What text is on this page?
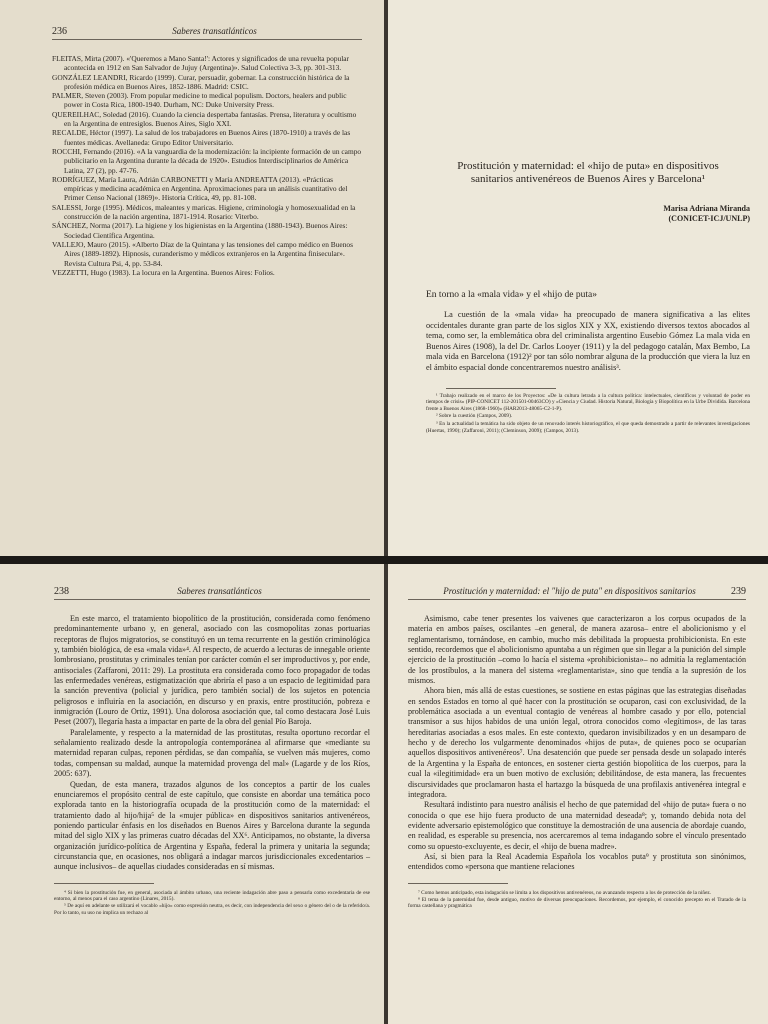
236	Saberes transatlánticos

FLEITAS, Mirta (2007). «'Queremos a Mano Santa!': Actores y significados de una revuelta popular acontecida en 1912 en San Salvador de Jujuy (Argentina)». Salud Colectiva 3-3, pp. 301-313.

GONZÁLEZ LEANDRI, Ricardo (1999). Curar, persuadir, gobernar. La construcción histórica de la profesión médica en Buenos Aires, 1852-1886. Madrid: CSIC.

PALMER, Steven (2003). From popular medicine to medical populism. Doctors, healers and public power in Costa Rica, 1800-1940. Durham, NC: Duke University Press.

QUEREILHAC, Soledad (2016). Cuando la ciencia despertaba fantasías. Prensa, literatura y ocultismo en la Argentina de entresiglos. Buenos Aires, Siglo XXI.

RECALDE, Héctor (1997). La salud de los trabajadores en Buenos Aires (1870-1910) a través de las fuentes médicas. Avellaneda: Grupo Editor Universitario.

ROCCHI, Fernando (2016). «A la vanguardia de la modernización: la incipiente formación de un campo publicitario en la Argentina durante la década de 1920». Estudios Interdisciplinarios de América Latina, 27 (2), pp. 47-76.

RODRÍGUEZ, María Laura, Adrián CARBONETTI y María ANDREATTA (2013). «Prácticas empíricas y medicina académica en Argentina. Aproximaciones para un análisis cuantitativo del Primer Censo Nacional (1869)». Historia Crítica, 49, pp. 81-108.

SALESSI, Jorge (1995). Médicos, maleantes y maricas. Higiene, criminología y homosexualidad en la construcción de la nación argentina, 1871-1914. Rosario: Viterbo.

SÁNCHEZ, Norma (2017). La higiene y los higienistas en la Argentina (1880-1943). Buenos Aires: Sociedad Científica Argentina.

VALLEJO, Mauro (2015). «Alberto Díaz de la Quintana y las tensiones del campo médico en Buenos Aires (1889-1892). Hipnosis, curanderismo y médicos extranjeros en la Argentina finisecular». Revista Cultura Psi, 4, pp. 53-84.

VEZZETTI, Hugo (1983). La locura en la Argentina. Buenos Aires: Folios.

Prostitución y maternidad: el «hijo de puta» en dispositivos sanitarios antivenéreos de Buenos Aires y Barcelona¹
Marisa Adriana Miranda
(CONICET-ICJ/UNLP)
En torno a la «mala vida» y el «hijo de puta»

La cuestión de la «mala vida» ha preocupado de manera significativa a las elites occidentales durante gran parte de los siglos XIX y XX, existiendo diversos textos abocados al tema, como ser, la emblemática obra del criminalista argentino Eusebio Gómez La mala vida en Buenos Aires (1908), la del Dr. Carlos Looyer (1911) y la del pedagogo catalán, Max Bembo, La mala vida en Barcelona (1912)² por tan sólo nombrar alguna de la producción que viera la luz en el ámbito espacial donde concentraremos nuestro análisis³.

¹ Trabajo realizado en el marco de los Proyectos: «De la cultura letrada a la cultura política: intelectuales, científicos y voluntad de poder en tiempos de crisis» (PIP-CONICET 112-201501-00463CO) y «Ciencia y Ciudad. Historia Natural, Biología y Biopolítica en la Urbe Dividida. Barcelona frente a Buenos Aires (1868-1960)» (HAR2013-48065-C2-1-P).

² Sobre la cuestión (Campos, 2009).

³ En la actualidad la temática ha sido objeto de un renovado interés historiográfico, el que queda demostrado a partir de relevantes investigaciones (Huertas, 1990); (Zaffaroni, 2011); (Cleminson, 2009); (Campos, 2013).

238	Saberes transatlánticos

En este marco, el tratamiento biopolítico de la prostitución, considerada como fenómeno predominantemente urbano y, en general, asociado con las cosmopolitas zonas portuarias receptoras de flujos migratorios, se constituyó en un tema recurrente en la gestión criminológica y, también biológica, de esa «mala vida»⁴. Al respecto, de acuerdo a lecturas de innegable oriente lombrosiano, prostitutas y criminales tenían por carácter común el ser improductivos y, por ende, antisociales (Zaffaroni, 2011: 29). La prostituta era considerada como foco propagador de todas las enfermedades venéreas, estigmatización que abriría el paso a un espacio de legitimidad para la sanción preventiva (policial y jurídica, pero también social) de los sujetos en potencia peligrosos e influiría en la asociación, en discurso y en praxis, entre prostitución, pobreza e inmigración (Louro de Ortiz, 1991). Una dolorosa asociación que, tal como destacara José Luis Peset (2007), llegaría hasta a impactar en parte de la obra del genial Pío Baroja.

Paralelamente, y respecto a la maternidad de las prostitutas, resulta oportuno recordar el señalamiento realizado desde la antropología contemporánea al afirmarse que «mediante su maternidad reparan culpas, reponen pérdidas, se dan compañía, se vuelven más mujeres, como todas, compensan su maldad, aunque la maternidad provenga del mal» (Lagarde y de los Ríos, 2005: 637).

Quedan, de esta manera, trazados algunos de los conceptos a partir de los cuales enunciaremos el propósito central de este capítulo, que consiste en abordar una temática poco explorada tanto en la historiografía ocupada de la prostitución como de la maternidad: el tratamiento dado al hijo/hija⁵ de la «mujer pública» en dispositivos sanitarios antivenéreos, poniendo particular énfasis en los diseñados en Buenos Aires y Barcelona durante la segunda mitad del siglo XIX y las primeras cuatro décadas del XX⁶. Anticipamos, no obstante, la diversa organización jurídico-política de Argentina y España, federal la primera y unitaria la segunda; circunstancia que, en ocasiones, nos obligará a indagar marcos jurisdiccionales excedentarios –aunque inclusivos– de aquellas ciudades consideradas en sí mismas.

⁴ Si bien la prostitución fue, en general, asociada al ámbito urbano, una reciente indagación abre paso a pensarla como excedentaria de ese entorno, al menos para el caso argentino (Linares, 2015).

⁵ De aquí en adelante se utilizará el vocablo «hijo» como expresión neutra, es decir, con independencia del sexo o género del o de la referido/a. Por lo tanto, su uso no implica un rechazo al

Prostitución y maternidad: el "hijo de puta" en dispositivos sanitarios	239

Asimismo, cabe tener presentes los vaivenes que caracterizaron a los corpus ocupados de la materia en ambos países, oscilantes –en general, de manera azarosa– entre el abolicionismo y el reglamentarismo, tornándose, en cambio, mucho más debilitada la propuesta prohibicionista. En este sentido, recordemos que el abolicionismo apuntaba a un régimen que sin llegar a la punición del simple ejercicio de la prostitución –como lo hacía el sistema «prohibicionista»– no admitía la reglamentación de los prostíbulos, a la manera del sistema «reglamentarista», sino que tendía a la supresión de los mismos.

Ahora bien, más allá de estas cuestiones, se sostiene en estas páginas que las estrategias diseñadas en sendos Estados en torno al qué hacer con la prostitución se ocuparon, casi con exclusividad, de la problemática asociada a un eventual contagio de venéreas al hombre casado y por ello, potencial transmisor a sus hijos habidos de una unión legal, otrora conocidos como «legítimos», de las taras hereditarias asociadas a esos males. En este contexto, quedaron invisibilizados y en un desamparo de hecho y de derecho los vulgarmente denominados «hijos de puta», de quienes poco se ocuparían aquellos dispositivos antivenéreos⁷. Una desatención que puede ser pensada desde un solapado interés de la Argentina y la España de entonces, en sostener cierta gestión biopolítica de los cuerpos, para la cual la «ilegitimidad» era un buen motivo de exclusión; debilitándose, de esta manera, las frecuentes discursividades que proclamaron hasta el hartazgo la búsqueda de una profilaxis antivenérea integral e integradora.

Resultará indistinto para nuestro análisis el hecho de que paternidad del «hijo de puta» fuera o no conocida o que ese hijo fuera producto de una maternidad deseada⁸; y, tomando debida nota del evidente adversario epistemológico que constituye la demostración de una ausencia de abordaje cuando, en realidad, es esperable su presencia, nos acercaremos al tema indagando sobre el vínculo presentado como su opuesto-excluyente, es decir, el «hijo de buena madre».

Así, si bien para la Real Academia Española los vocablos puta⁹ y prostituta son sinónimos, entendidos como «persona que mantiene relaciones

⁷ Como hemos anticipado, esta indagación se limita a los dispositivos antivenéreos, no avanzando respecto a los de protección de la niñez.

⁸ El tema de la paternidad fue, desde antiguo, motivo de diversas preocupaciones. Recordemos, por ejemplo, el conocido precepto en el Tratado de la forma castellana y pragmática
